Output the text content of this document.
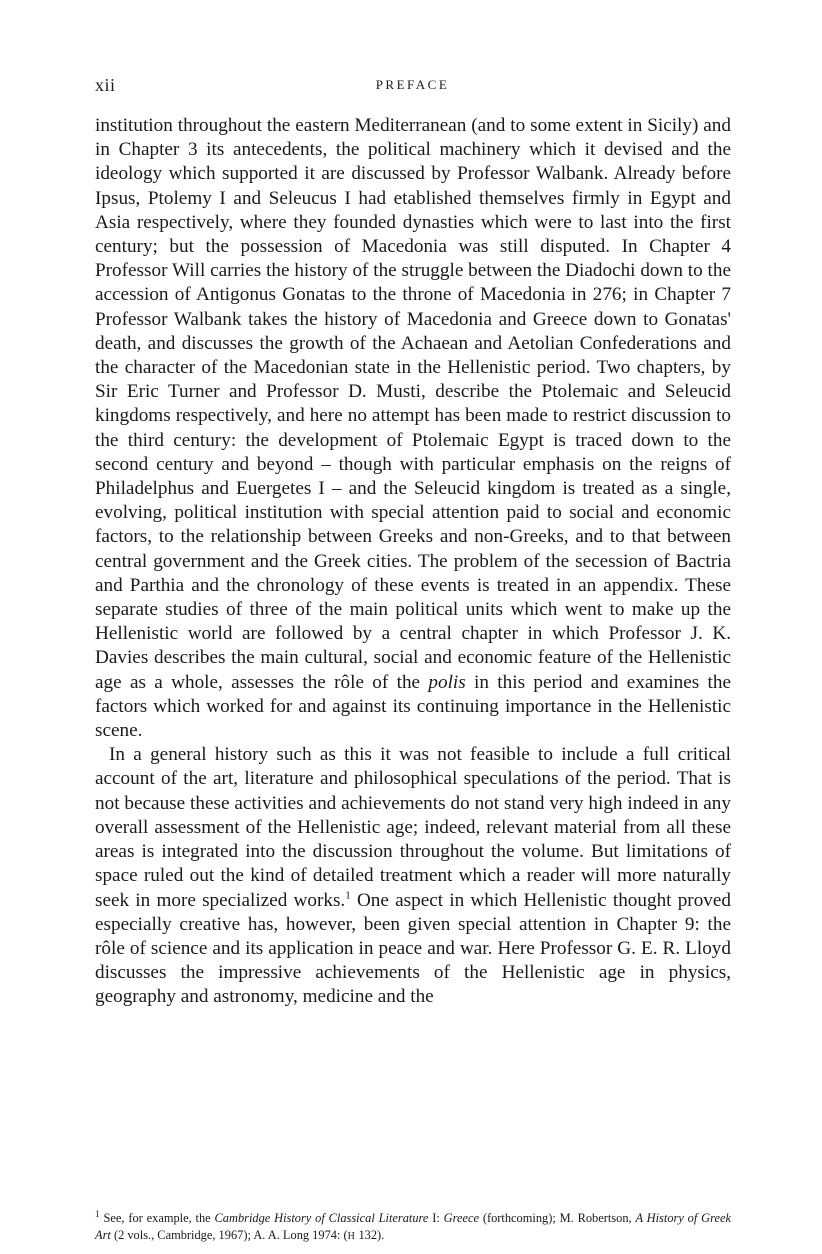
xii	PREFACE

institution throughout the eastern Mediterranean (and to some extent in Sicily) and in Chapter 3 its antecedents, the political machinery which it devised and the ideology which supported it are discussed by Professor Walbank. Already before Ipsus, Ptolemy I and Seleucus I had etablished themselves firmly in Egypt and Asia respectively, where they founded dynasties which were to last into the first century; but the possession of Macedonia was still disputed. In Chapter 4 Professor Will carries the history of the struggle between the Diadochi down to the accession of Antigonus Gonatas to the throne of Macedonia in 276; in Chapter 7 Professor Walbank takes the history of Macedonia and Greece down to Gonatas' death, and discusses the growth of the Achaean and Aetolian Confederations and the character of the Macedonian state in the Hellenistic period. Two chapters, by Sir Eric Turner and Professor D. Musti, describe the Ptolemaic and Seleucid kingdoms respectively, and here no attempt has been made to restrict discussion to the third century: the development of Ptolemaic Egypt is traced down to the second century and beyond – though with particular emphasis on the reigns of Philadelphus and Euergetes I – and the Seleucid kingdom is treated as a single, evolving, political institution with special attention paid to social and economic factors, to the relationship between Greeks and non-Greeks, and to that between central government and the Greek cities. The problem of the secession of Bactria and Parthia and the chronology of these events is treated in an appendix. These separate studies of three of the main political units which went to make up the Hellenistic world are followed by a central chapter in which Professor J. K. Davies describes the main cultural, social and economic feature of the Hellenistic age as a whole, assesses the rôle of the polis in this period and examines the factors which worked for and against its continuing importance in the Hellenistic scene.

In a general history such as this it was not feasible to include a full critical account of the art, literature and philosophical speculations of the period. That is not because these activities and achievements do not stand very high indeed in any overall assessment of the Hellenistic age; indeed, relevant material from all these areas is integrated into the discussion throughout the volume. But limitations of space ruled out the kind of detailed treatment which a reader will more naturally seek in more specialized works.$^1$ One aspect in which Hellenistic thought proved especially creative has, however, been given special attention in Chapter 9: the rôle of science and its application in peace and war. Here Professor G. E. R. Lloyd discusses the impressive achievements of the Hellenistic age in physics, geography and astronomy, medicine and the

$^1$ See, for example, the Cambridge History of Classical Literature I: Greece (forthcoming); M. Robertson, A History of Greek Art (2 vols., Cambridge, 1967); A. A. Long 1974: (H 132).
